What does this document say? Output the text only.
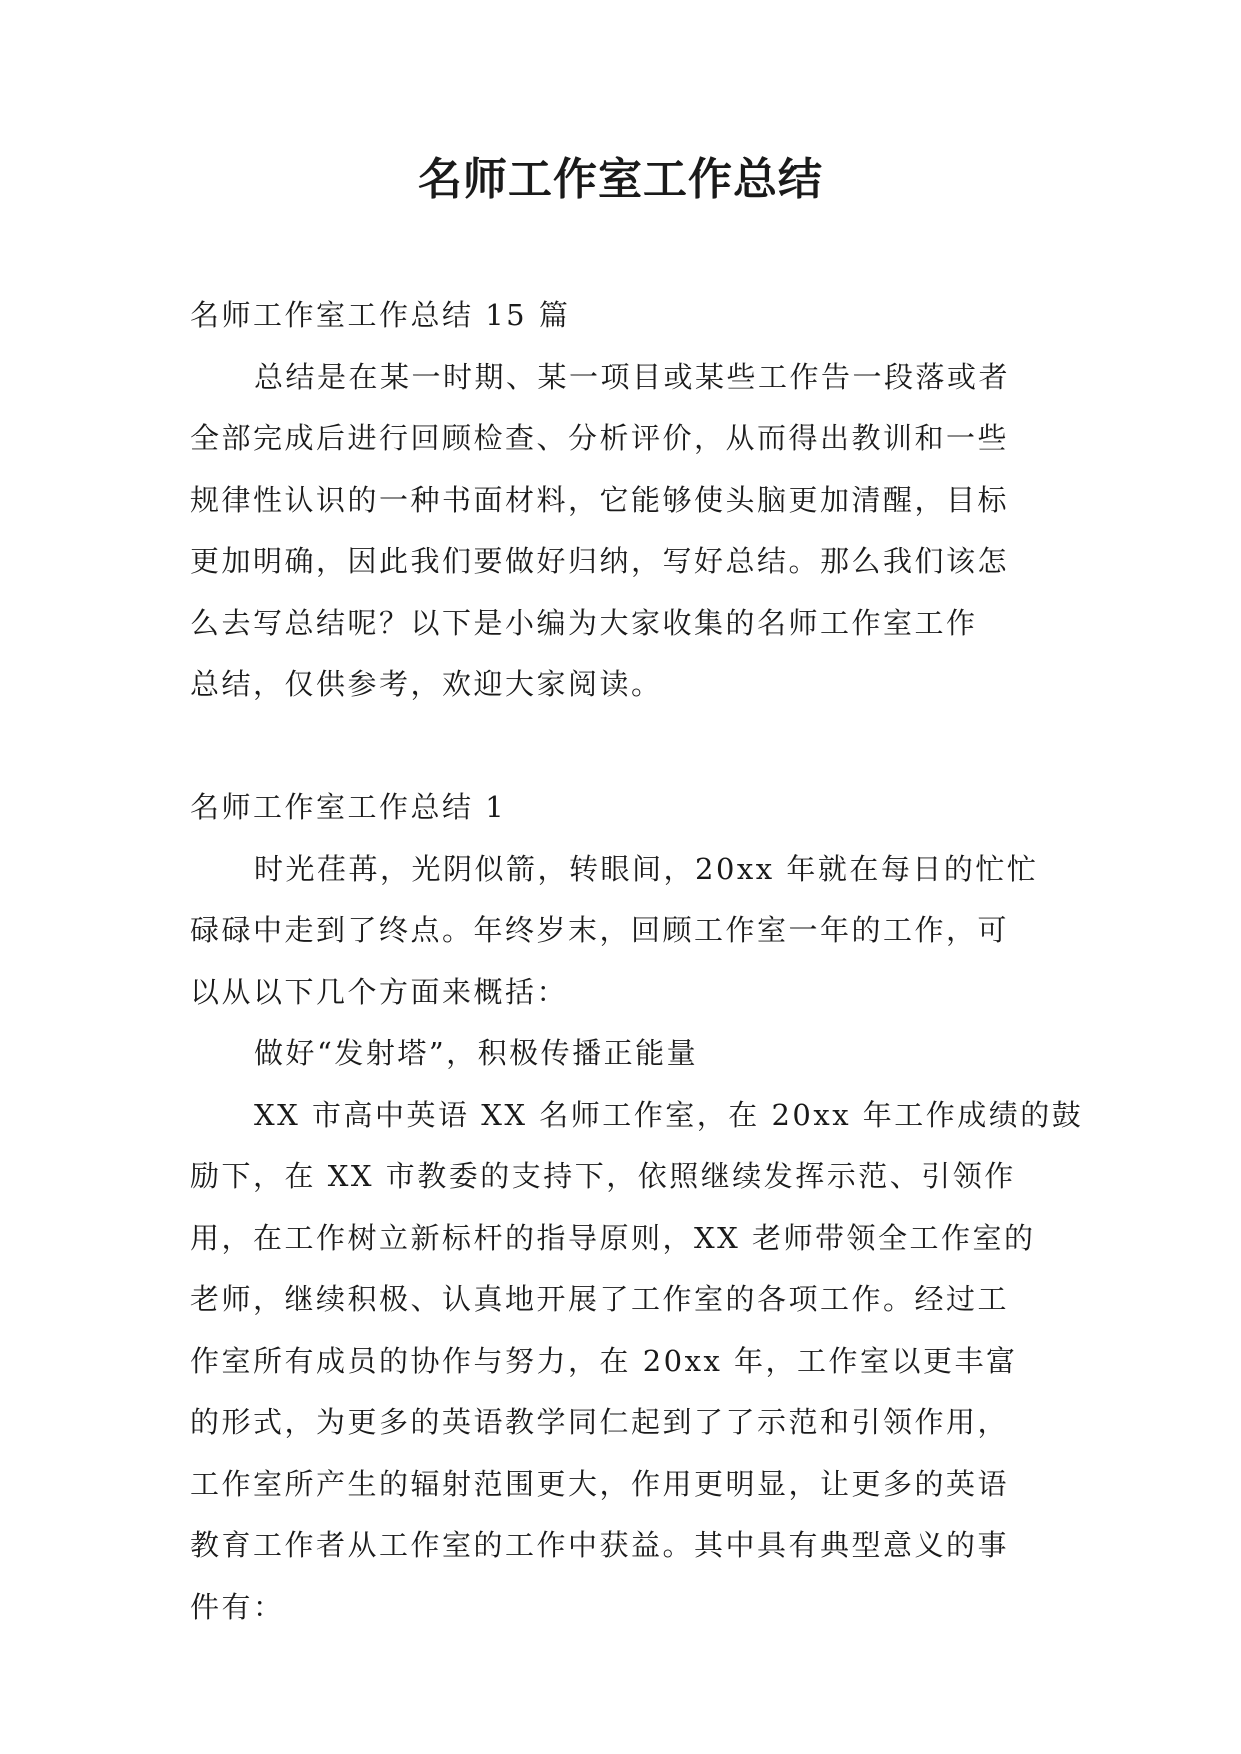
名师工作室工作总结

名师工作室工作总结 15 篇

总结是在某一时期、某一项目或某些工作告一段落或者

全部完成后进行回顾检查、分析评价，从而得出教训和一些

规律性认识的一种书面材料，它能够使头脑更加清醒，目标

更加明确，因此我们要做好归纳，写好总结。那么我们该怎

么去写总结呢？以下是小编为大家收集的名师工作室工作

总结，仅供参考，欢迎大家阅读。

名师工作室工作总结 1

时光荏苒，光阴似箭，转眼间，20xx 年就在每日的忙忙

碌碌中走到了终点。年终岁末，回顾工作室一年的工作，可

以从以下几个方面来概括：

做好“发射塔”，积极传播正能量

XX 市高中英语 XX 名师工作室，在 20xx 年工作成绩的鼓

励下，在 XX 市教委的支持下，依照继续发挥示范、引领作

用，在工作树立新标杆的指导原则，XX 老师带领全工作室的

老师，继续积极、认真地开展了工作室的各项工作。经过工

作室所有成员的协作与努力，在 20xx 年，工作室以更丰富

的形式，为更多的英语教学同仁起到了了示范和引领作用，

工作室所产生的辐射范围更大，作用更明显，让更多的英语

教育工作者从工作室的工作中获益。其中具有典型意义的事

件有：
